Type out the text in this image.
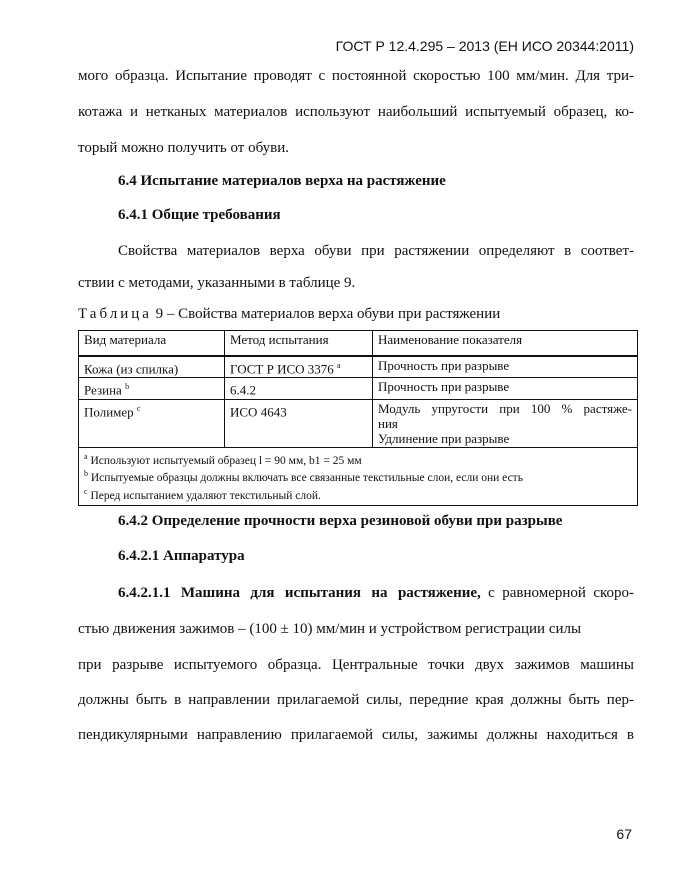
ГОСТ Р 12.4.295 – 2013 (ЕН ИСО 20344:2011)
мого образца. Испытание проводят с постоянной скоростью 100 мм/мин. Для три-
котажа и нетканых материалов используют наибольший испытуемый образец, ко-
торый можно получить от обуви.
6.4 Испытание материалов верха на растяжение
6.4.1 Общие требования
Свойства материалов верха обуви при растяжении определяют в соответ-
ствии с методами, указанными в таблице 9.
Таблица 9 – Свойства материалов верха обуви при растяжении
Вид материала	Метод испытания	Наименование показателя
Кожа (из спилка)	ГОСТ Р ИСО 3376 $^а$	Прочность при разрыве
Резина $^b$	6.4.2	Прочность при разрыве
Полимер $^c$	ИСО 4643	Модуль упругости при 100 % растяже-ния
Удлинение при разрыве

$^a$ Используют испытуемый образец l = 90 мм, b1 = 25 мм
$^b$ Испытуемые образцы должны включать все связанные текстильные слои, если они есть
$^c$ Перед испытанием удаляют текстильный слой.		
6.4.2 Определение прочности верха резиновой обуви при разрыве
6.4.2.1 Аппаратура
6.4.2.1.1 Машина для испытания на растяжение, с равномерной скоро-
стью движения зажимов – (100 ± 10) мм/мин и устройством регистрации силы
при разрыве испытуемого образца. Центральные точки двух зажимов машины
должны быть в направлении прилагаемой силы, передние края должны быть пер-
пендикулярными направлению прилагаемой силы, зажимы должны находиться в
67
